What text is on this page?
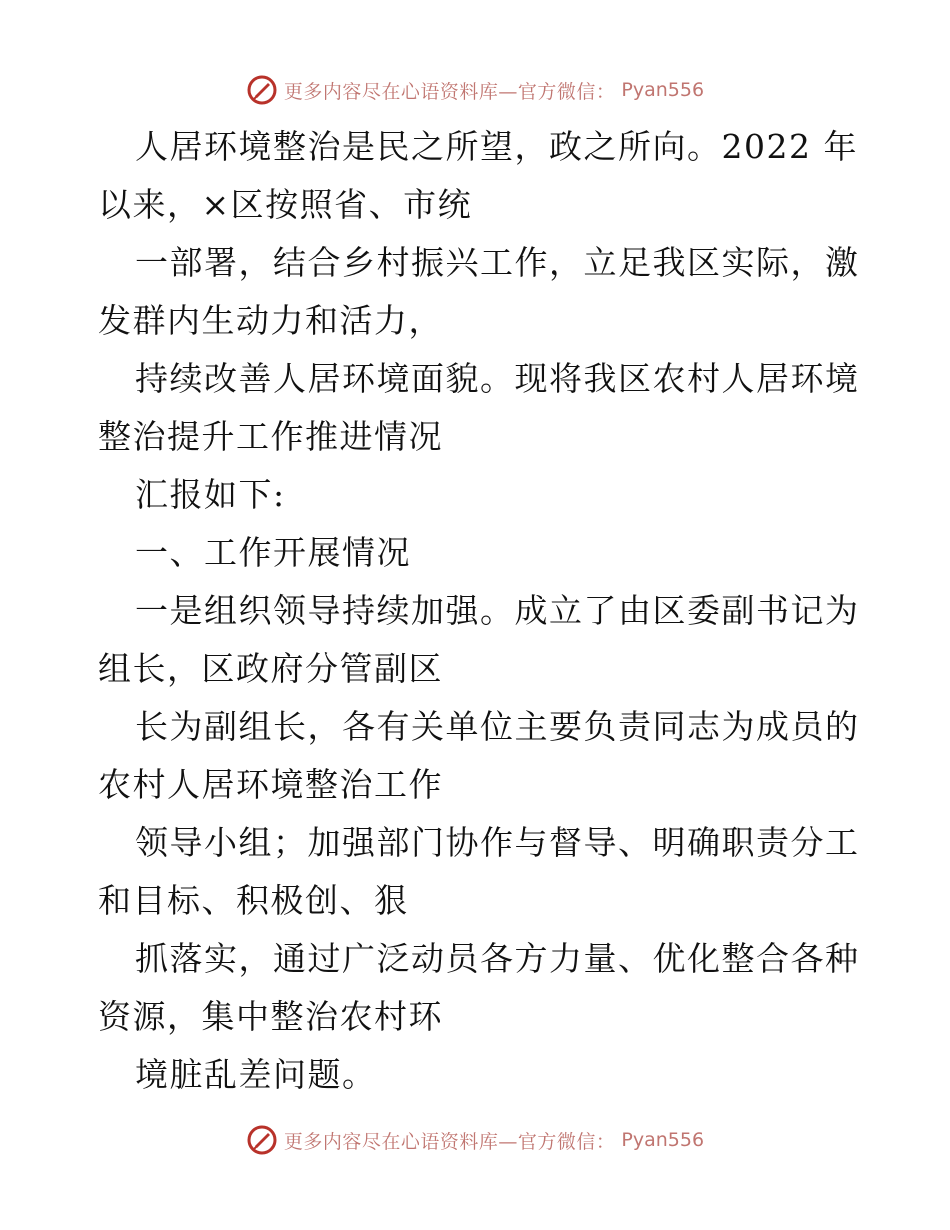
更多内容尽在心语资料库—官方微信： Pyan556
人居环境整治是民之所望，政之所向。2022 年
以来，×区按照省、市统
一部署，结合乡村振兴工作，立足我区实际，激
发群内生动力和活力，
持续改善人居环境面貌。现将我区农村人居环境
整治提升工作推进情况
汇报如下:
一、工作开展情况
一是组织领导持续加强。成立了由区委副书记为
组长，区政府分管副区
长为副组长，各有关单位主要负责同志为成员的
农村人居环境整治工作
领导小组；加强部门协作与督导、明确职责分工
和目标、积极创、狠
抓落实，通过广泛动员各方力量、优化整合各种
资源，集中整治农村环
境脏乱差问题。
更多内容尽在心语资料库—官方微信： Pyan556
